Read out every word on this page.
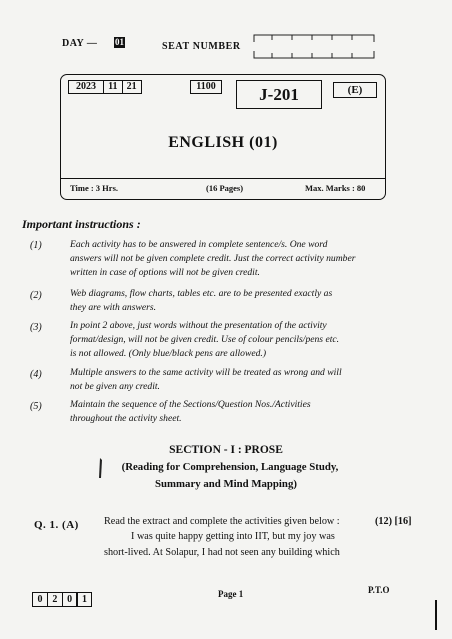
DAY — 01	SEAT NUMBER
2023	11 21	1100	J-201	(E)
ENGLISH (01)
Time : 3 Hrs.	(16 Pages)	Max. Marks : 80
Important instructions :
(1)	Each activity has to be answered in complete sentence/s. One word
answers will not be given complete credit. Just the correct activity number
written in case of options will not be given credit.
(2)	Web diagrams, flow charts, tables etc. are to be presented exactly as
they are with answers.
(3)	In point 2 above, just words without the presentation of the activity
format/design, will not be given credit. Use of colour pencils/pens etc.
is not allowed. (Only blue/black pens are allowed.)
(4)	Multiple answers to the same activity will be treated as wrong and will
not be given any credit.
(5)	Maintain the sequence of the Sections/Question Nos./Activities
throughout the activity sheet.
SECTION - I : PROSE
(Reading for Comprehension, Language Study,
Summary and Mind Mapping)
Q. 1. (A) Read the extract and complete the activities given below :	(12) [16]
I was quite happy getting into IIT, but my joy was
short-lived. At Solapur, I had not seen any building which
0 2 0 1	Page 1	P.T.O
